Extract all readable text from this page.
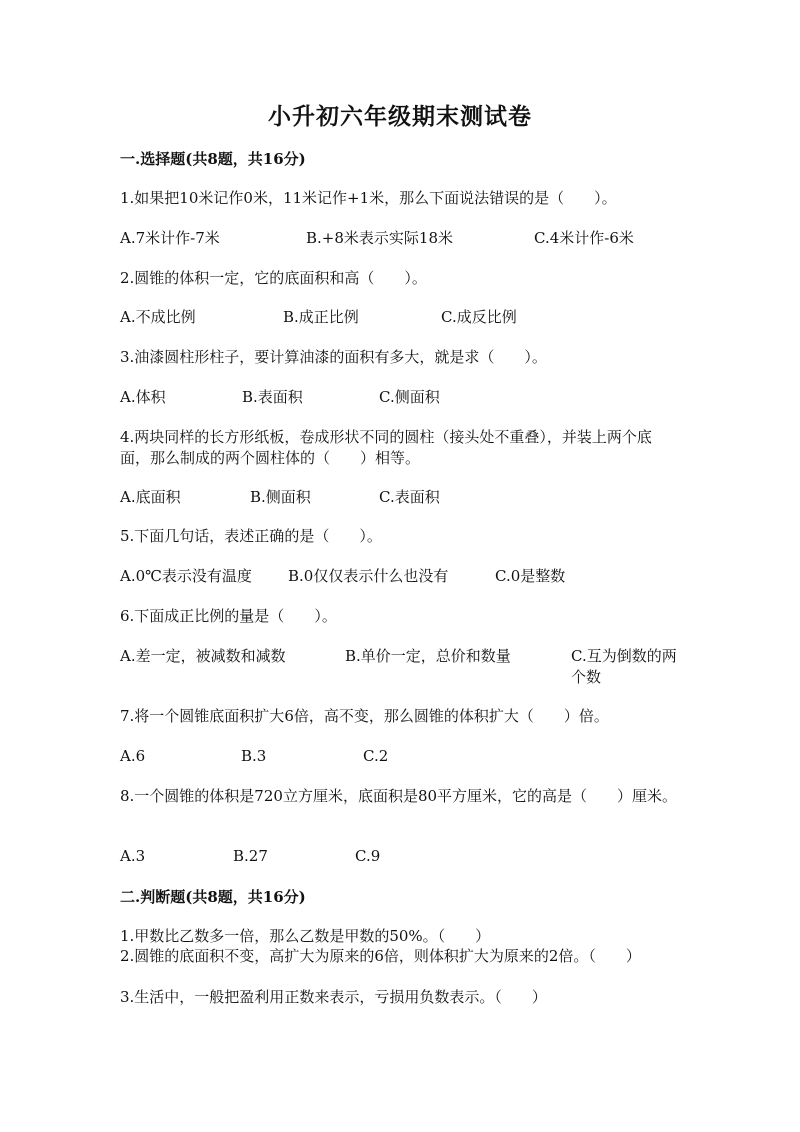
小升初六年级期末测试卷
一.选择题(共8题，共16分)
1.如果把10米记作0米，11米记作+1米，那么下面说法错误的是（　　）。
A.7米计作-7米	B.+8米表示实际18米	C.4米计作-6米
2.圆锥的体积一定，它的底面积和高（　　）。
A.不成比例	B.成正比例	C.成反比例
3.油漆圆柱形柱子，要计算油漆的面积有多大，就是求（　　）。
A.体积	B.表面积	C.侧面积
4.两块同样的长方形纸板，卷成形状不同的圆柱（接头处不重叠），并装上两个底面，那么制成的两个圆柱体的（　　）相等。
A.底面积	B.侧面积	C.表面积
5.下面几句话，表述正确的是（　　）。
A.0℃表示没有温度 B.0仅仅表示什么也没有	C.0是整数
6.下面成正比例的量是（　　）。
A.差一定，被减数和减数	B.单价一定，总价和数量	C.互为倒数的两个数
7.将一个圆锥底面积扩大6倍，高不变，那么圆锥的体积扩大（　　）倍。
A.6	B.3	C.2
8.一个圆锥的体积是720立方厘米，底面积是80平方厘米，它的高是（　　）厘米。
A.3	B.27	C.9
二.判断题(共8题，共16分)
1.甲数比乙数多一倍，那么乙数是甲数的50%。（　　）
2.圆锥的底面积不变，高扩大为原来的6倍，则体积扩大为原来的2倍。（　　）
3.生活中，一般把盈利用正数来表示，亏损用负数表示。（　　）
